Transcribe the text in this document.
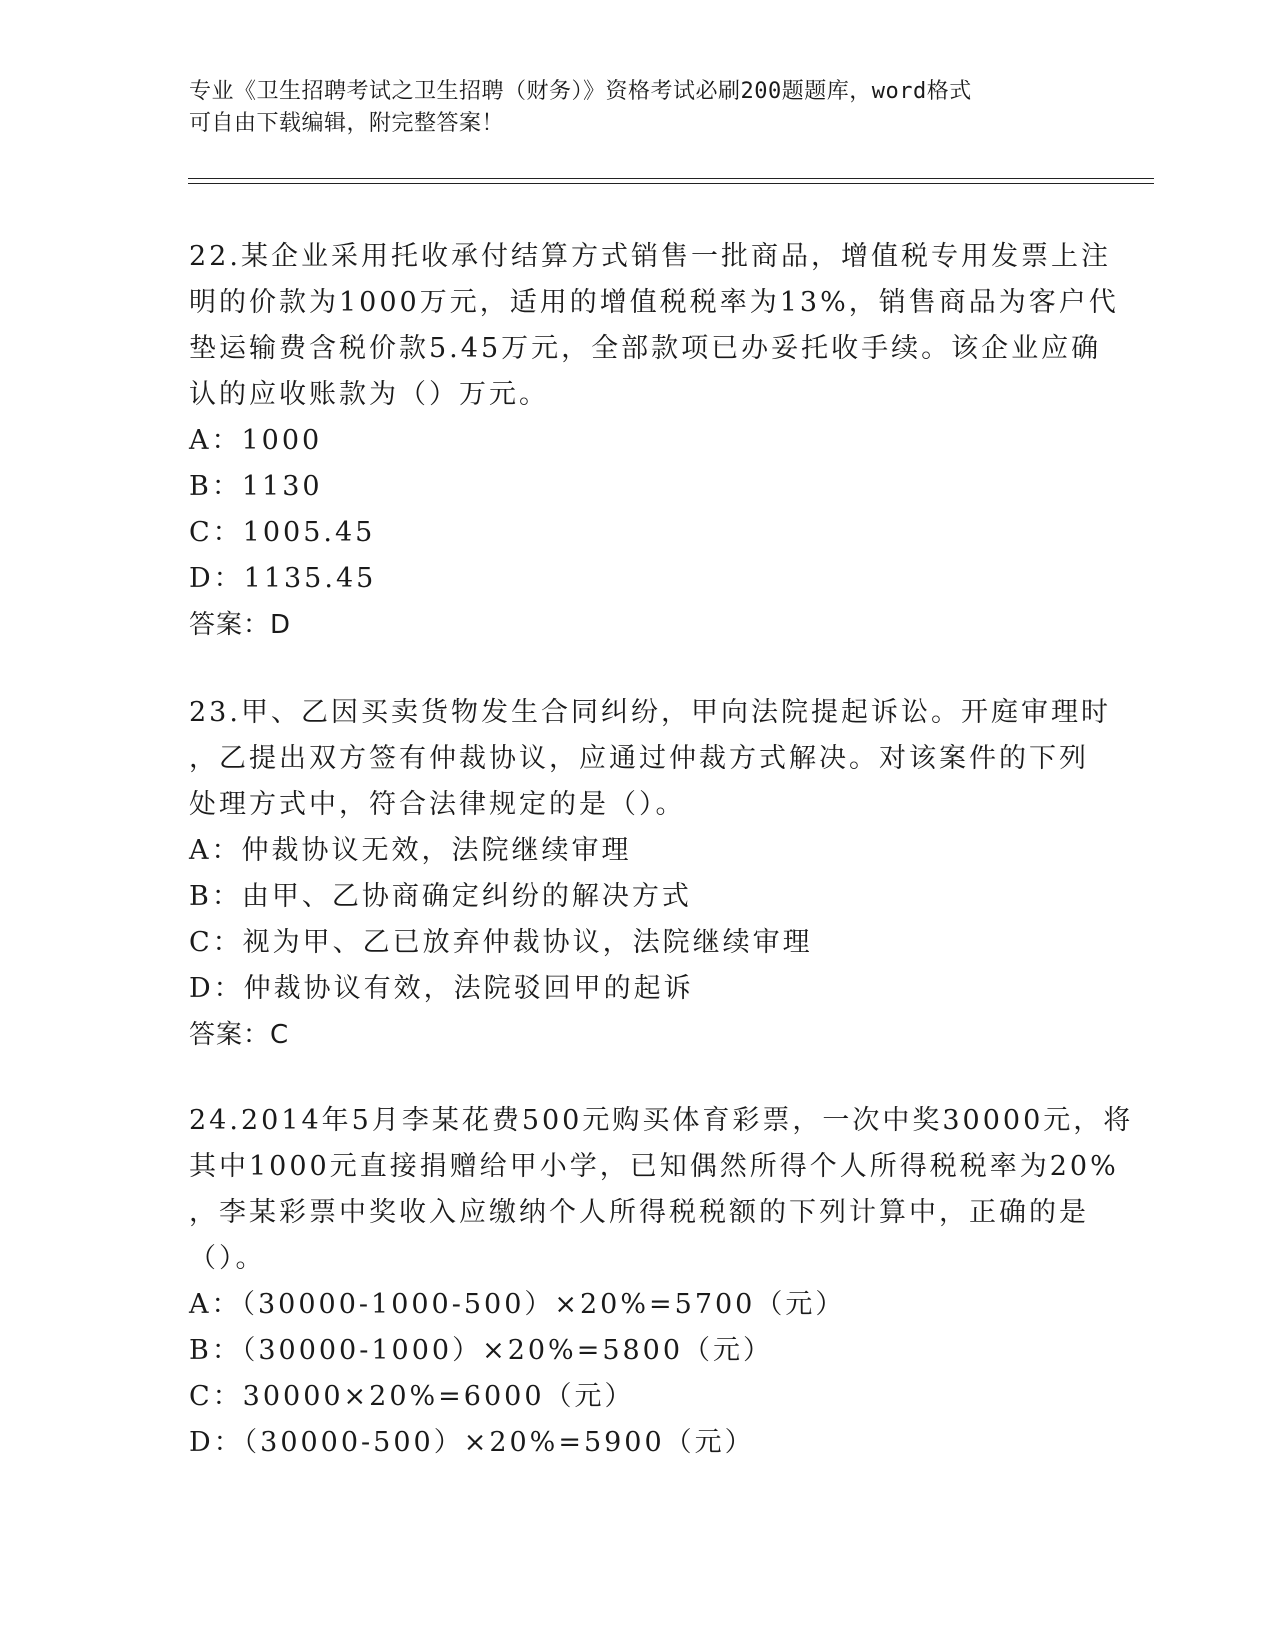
专业《卫生招聘考试之卫生招聘（财务）》资格考试必刷200题题库，word格式
可自由下载编辑，附完整答案！
22.某企业采用托收承付结算方式销售一批商品，增值税专用发票上注
明的价款为1000万元，适用的增值税税率为13%，销售商品为客户代
垫运输费含税价款5.45万元，全部款项已办妥托收手续。该企业应确
认的应收账款为（）万元。
A：1000
B：1130
C：1005.45
D：1135.45
答案：D
23.甲、乙因买卖货物发生合同纠纷，甲向法院提起诉讼。开庭审理时
，乙提出双方签有仲裁协议，应通过仲裁方式解决。对该案件的下列
处理方式中，符合法律规定的是（）。
A：仲裁协议无效，法院继续审理
B：由甲、乙协商确定纠纷的解决方式
C：视为甲、乙已放弃仲裁协议，法院继续审理
D：仲裁协议有效，法院驳回甲的起诉
答案：C
24.2014年5月李某花费500元购买体育彩票，一次中奖30000元，将
其中1000元直接捐赠给甲小学，已知偶然所得个人所得税税率为20%
，李某彩票中奖收入应缴纳个人所得税税额的下列计算中，正确的是
（）。
A：（30000-1000-500）×20%=5700（元）
B：（30000-1000）×20%=5800（元）
C：30000×20%=6000（元）
D：（30000-500）×20%=5900（元）
